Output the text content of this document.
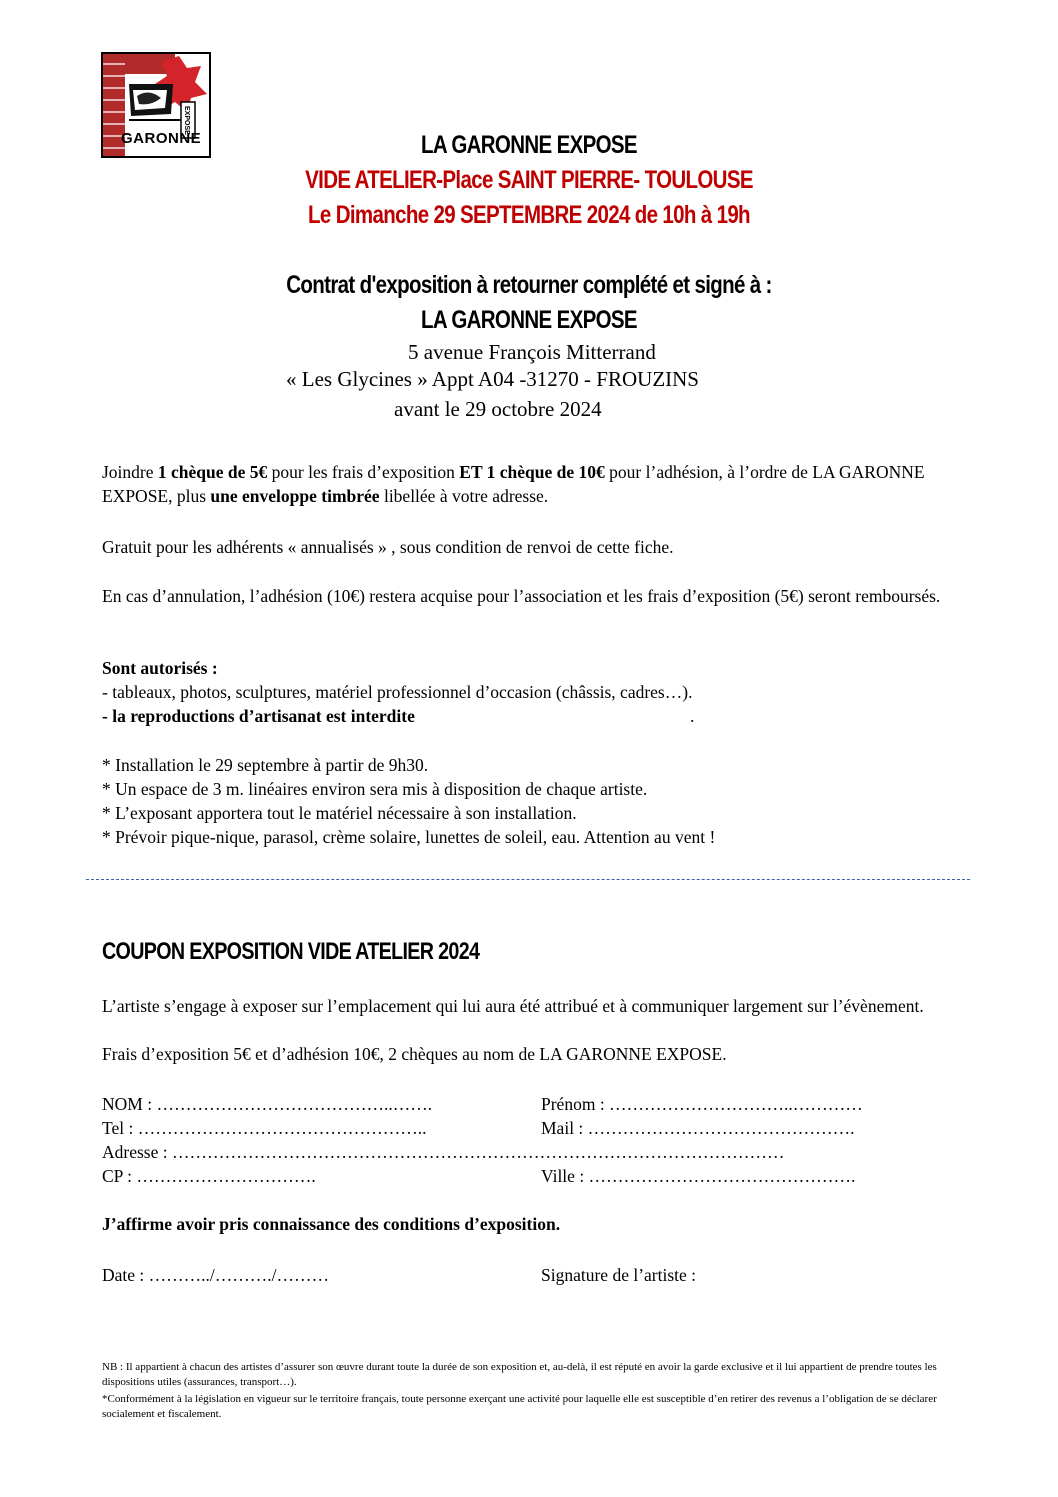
GARONNE
EXPOSE
LA GARONNE EXPOSE
VIDE ATELIER-Place SAINT PIERRE- TOULOUSE
Le Dimanche 29 SEPTEMBRE 2024 de 10h à 19h
Contrat d'exposition à retourner complété et signé à :
LA GARONNE EXPOSE
5 avenue François Mitterrand
« Les Glycines » Appt A04 -31270 - FROUZINS
avant le 29 octobre 2024
Joindre 1 chèque de 5€ pour les frais d’exposition ET 1 chèque de 10€ pour l’adhésion, à l’ordre de LA GARONNE EXPOSE, plus une enveloppe timbrée libellée à votre adresse.
Gratuit pour les adhérents « annualisés » , sous condition de renvoi de cette fiche.
En cas d’annulation, l’adhésion (10€) restera acquise pour l’association et les frais d’exposition (5€) seront remboursés.
Sont autorisés :
- tableaux, photos, sculptures, matériel professionnel d’occasion (châssis, cadres…).
- la reproductions d’artisanat est interdite	.
* Installation le 29 septembre à partir de 9h30.
* Un espace de 3 m. linéaires environ sera mis à disposition de chaque artiste.
* L’exposant apportera tout le matériel nécessaire à son installation.
* Prévoir pique-nique, parasol, crème solaire, lunettes de soleil, eau. Attention au vent !
COUPON EXPOSITION VIDE ATELIER 2024
L’artiste s’engage à exposer sur l’emplacement qui lui aura été attribué et à communiquer largement sur l’évènement.
Frais d’exposition 5€ et d’adhésion 10€, 2 chèques au nom de LA GARONNE EXPOSE.
NOM : …………………………………..…….	Prénom : …………………………..…………
Tel : …………………………………………..	Mail : ……………………………………….
Adresse : ……………………………………………………………………………………………
CP : ………………………….	Ville : ……………………………………….
J’affirme avoir pris connaissance des conditions d’exposition.
Date : ………../………./………	Signature de l’artiste :
NB : Il appartient à chacun des artistes d’assurer son œuvre durant toute la durée de son exposition et, au-delà, il est réputé en avoir la garde exclusive et il lui appartient de prendre toutes les dispositions utiles (assurances, transport…).
*Conformément à la législation en vigueur sur le territoire français, toute personne exerçant une activité pour laquelle elle est susceptible d’en retirer des revenus a l’obligation de se déclarer socialement et fiscalement.
